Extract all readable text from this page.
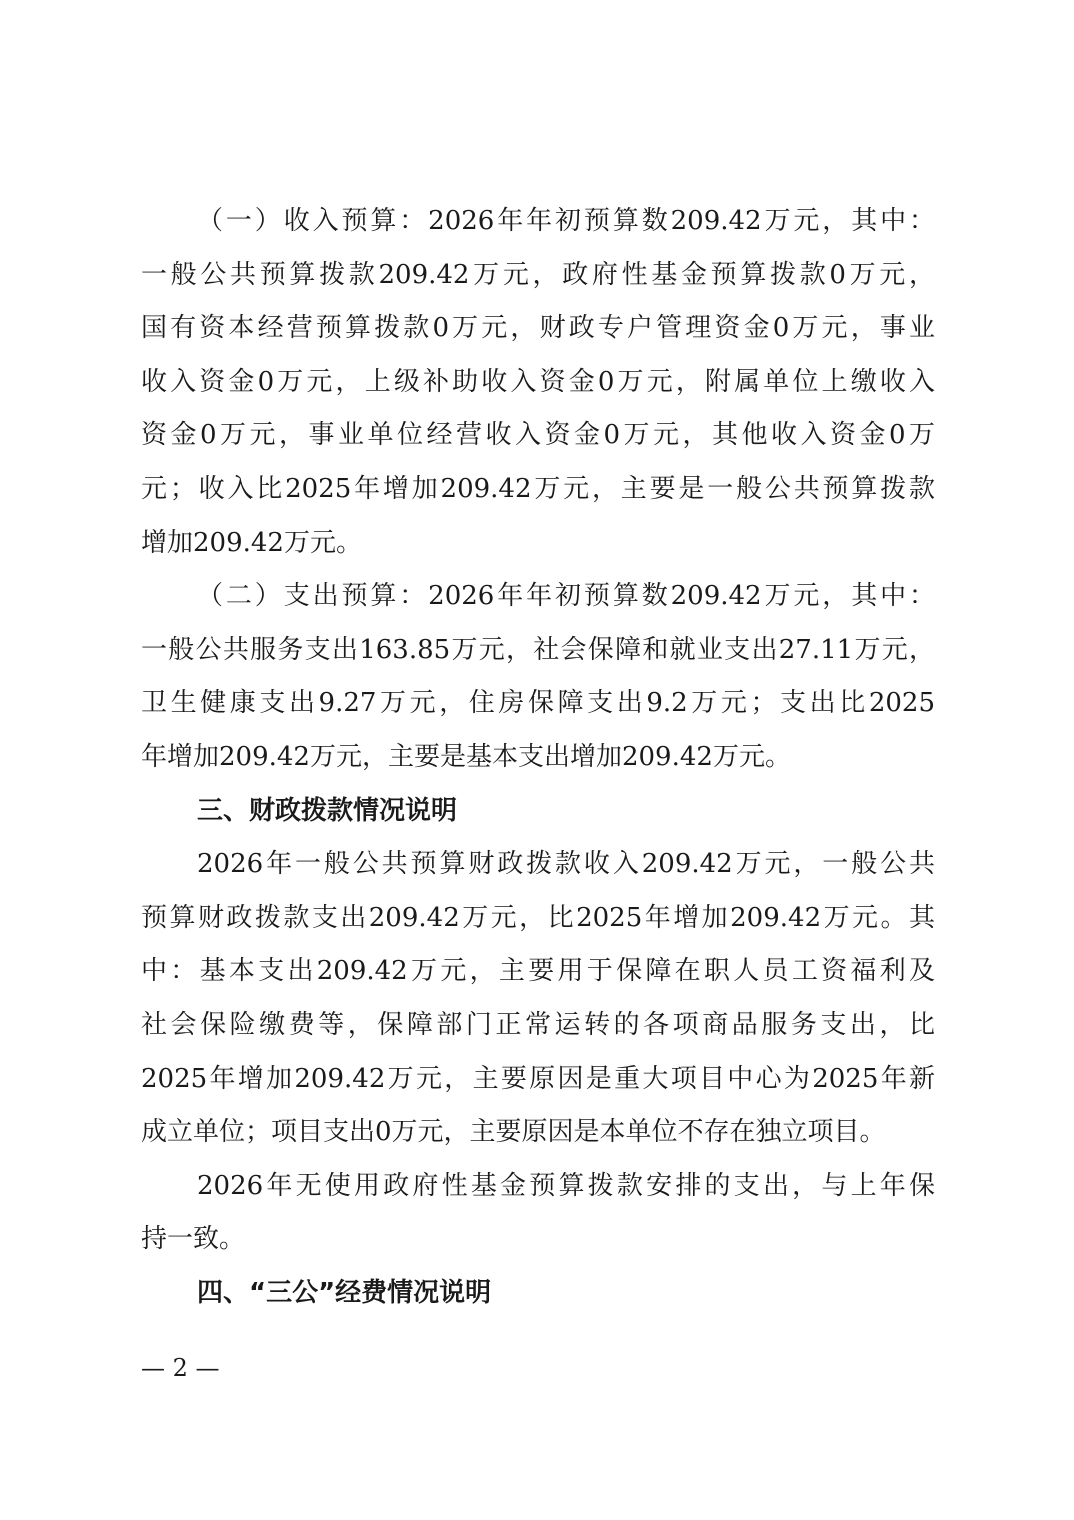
（一）收入预算：2026年年初预算数209.42万元，其中：
一般公共预算拨款209.42万元，政府性基金预算拨款0万元，
国有资本经营预算拨款0万元，财政专户管理资金0万元，事业
收入资金0万元，上级补助收入资金0万元，附属单位上缴收入
资金0万元，事业单位经营收入资金0万元，其他收入资金0万
元；收入比2025年增加209.42万元，主要是一般公共预算拨款
增加209.42万元。
（二）支出预算：2026年年初预算数209.42万元，其中：
一般公共服务支出163.85万元，社会保障和就业支出27.11万元，
卫生健康支出9.27万元，住房保障支出9.2万元；支出比2025
年增加209.42万元，主要是基本支出增加209.42万元。
三、财政拨款情况说明
2026年一般公共预算财政拨款收入209.42万元，一般公共
预算财政拨款支出209.42万元，比2025年增加209.42万元。其
中：基本支出209.42万元，主要用于保障在职人员工资福利及
社会保险缴费等，保障部门正常运转的各项商品服务支出，比
2025年增加209.42万元，主要原因是重大项目中心为2025年新
成立单位；项目支出0万元，主要原因是本单位不存在独立项目。
2026年无使用政府性基金预算拨款安排的支出，与上年保
持一致。
四、“三公”经费情况说明
— 2 —
